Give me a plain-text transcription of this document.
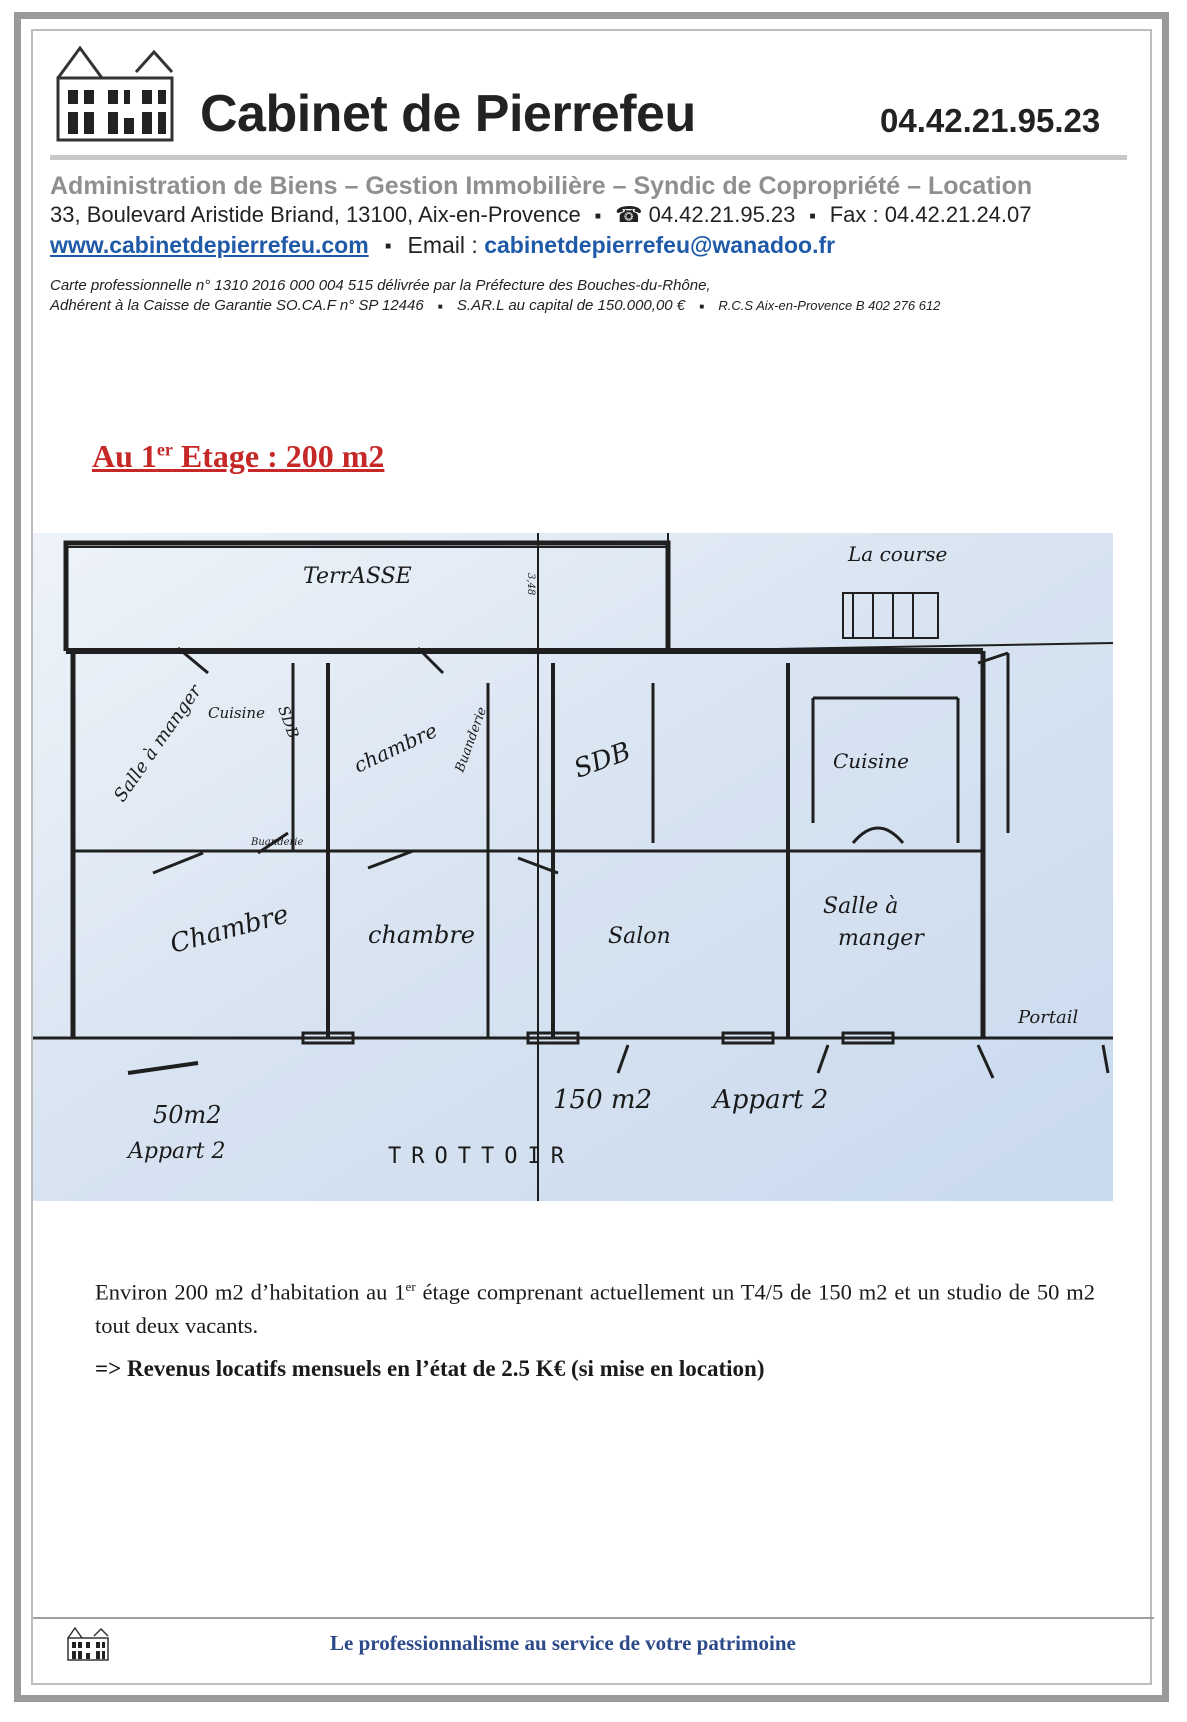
Cabinet de Pierrefeu	04.42.21.95.23
Administration de Biens – Gestion Immobilière – Syndic de Copropriété – Location
33, Boulevard Aristide Briand, 13100, Aix-en-Provence ■ ☎ 04.42.21.95.23 ■ Fax : 04.42.21.24.07
www.cabinetdepierrefeu.com ■ Email : cabinetdepierrefeu@wanadoo.fr
Carte professionnelle n° 1310 2016 000 004 515 délivrée par la Préfecture des Bouches-du-Rhône,
Adhérent à la Caisse de Garantie SO.CA.F n° SP 12446 ■ S.AR.L au capital de 150.000,00 € ■ R.C.S Aix-en-Provence B 402 276 612
Au 1er Etage : 200 m2
TerrASSE
La course
3,48
Cuisine SDB
Salle à manger	chambre Buanderie	SDB	Cuisine
Buanderie
Chambre	chambre	Salon
Salle à
manger
Portail
50m2
Appart 2
150 m2 Appart 2
TROTTOIR
Environ 200 m2 d’habitation au 1er étage comprenant actuellement un T4/5 de 150 m2 et un studio de 50 m2 tout deux vacants.
=> Revenus locatifs mensuels en l’état de 2.5 K€ (si mise en location)
Le professionnalisme au service de votre patrimoine
